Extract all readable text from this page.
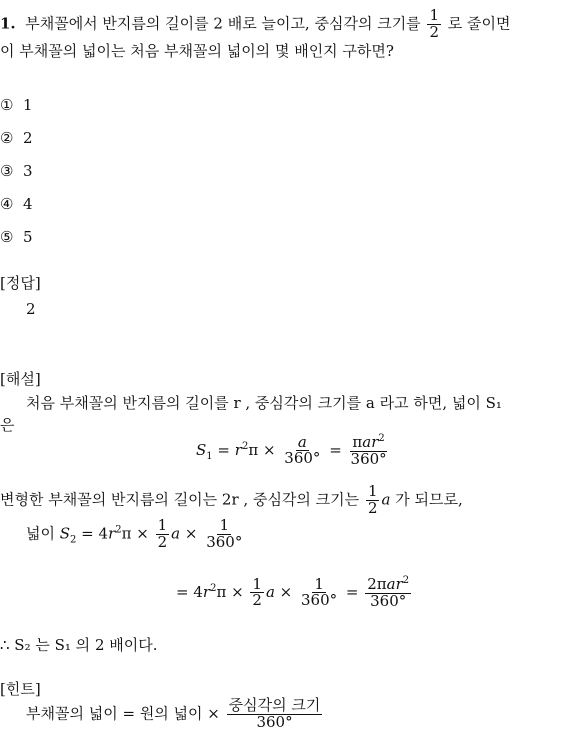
1. 부채꼴에서 반지름의 길이를 2 배로 늘이고, 중심각의 크기를 $\frac{1}{2}$ 로 줄이면
이 부채꼴의 넓이는 처음 부채꼴의 넓이의 몇 배인지 구하면?
① 1
② 2
③ 3
④ 4
⑤ 5
[정답]
2
[해설]
처음 부채꼴의 반지름의 길이를 r , 중심각의 크기를 a 라고 하면, 넓이 S₁
은
$S_1 = r^2\pi \times \frac{a}{360^\circ} = \frac{\pi ar^2}{360^\circ}$
변형한 부채꼴의 반지름의 길이는 2r , 중심각의 크기는 $\frac{1}{2}$ a 가 되므로,
넓이 $S_2 = 4r^2\pi \times \frac{1}{2}$ $a \times \frac{1}{360^\circ}$
= $4r^2\pi \times \frac{1}{2}$ $a \times \frac{1}{360^\circ} = \frac{2\pi ar^2}{360^\circ}$
∴ S₂ 는 S₁ 의 2 배이다.
[힌트]
부채꼴의 넓이 = 원의 넓이 × $\frac{\text{중심각의 크기}}{360^\circ}$
